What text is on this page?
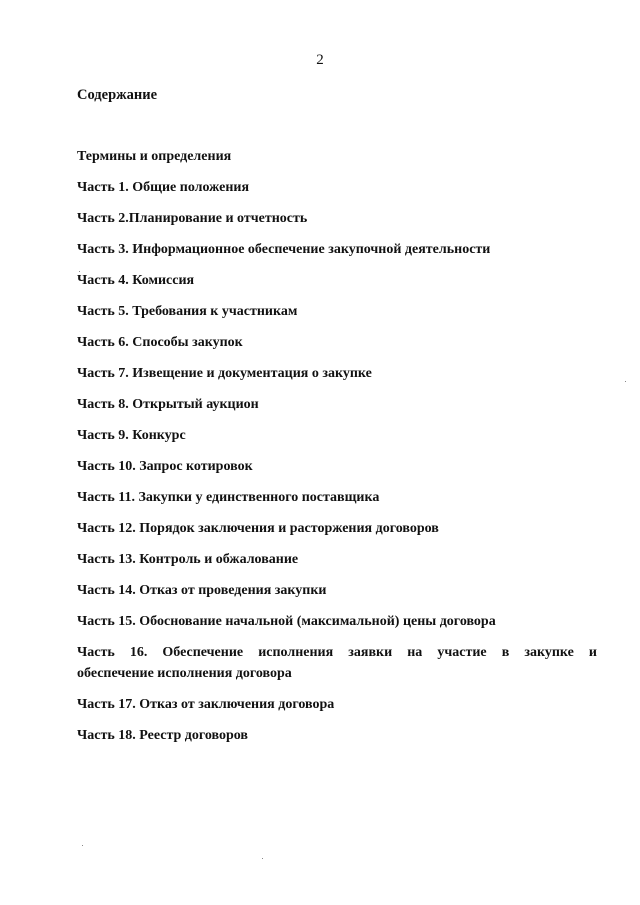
2
Содержание
Термины и определения
Часть 1. Общие положения
Часть 2.Планирование и отчетность
Часть 3. Информационное обеспечение закупочной деятельности
Часть 4. Комиссия
Часть 5. Требования к участникам
Часть 6. Способы закупок
Часть 7. Извещение и документация о закупке
Часть 8. Открытый аукцион
Часть 9. Конкурс
Часть 10. Запрос котировок
Часть 11. Закупки у единственного поставщика
Часть 12. Порядок заключения и расторжения договоров
Часть 13. Контроль и обжалование
Часть 14. Отказ от проведения закупки
Часть 15. Обоснование начальной (максимальной) цены договора
Часть 16. Обеспечение исполнения заявки на участие в закупке и
обеспечение исполнения договора
Часть 17. Отказ от заключения договора
Часть 18. Реестр договоров
